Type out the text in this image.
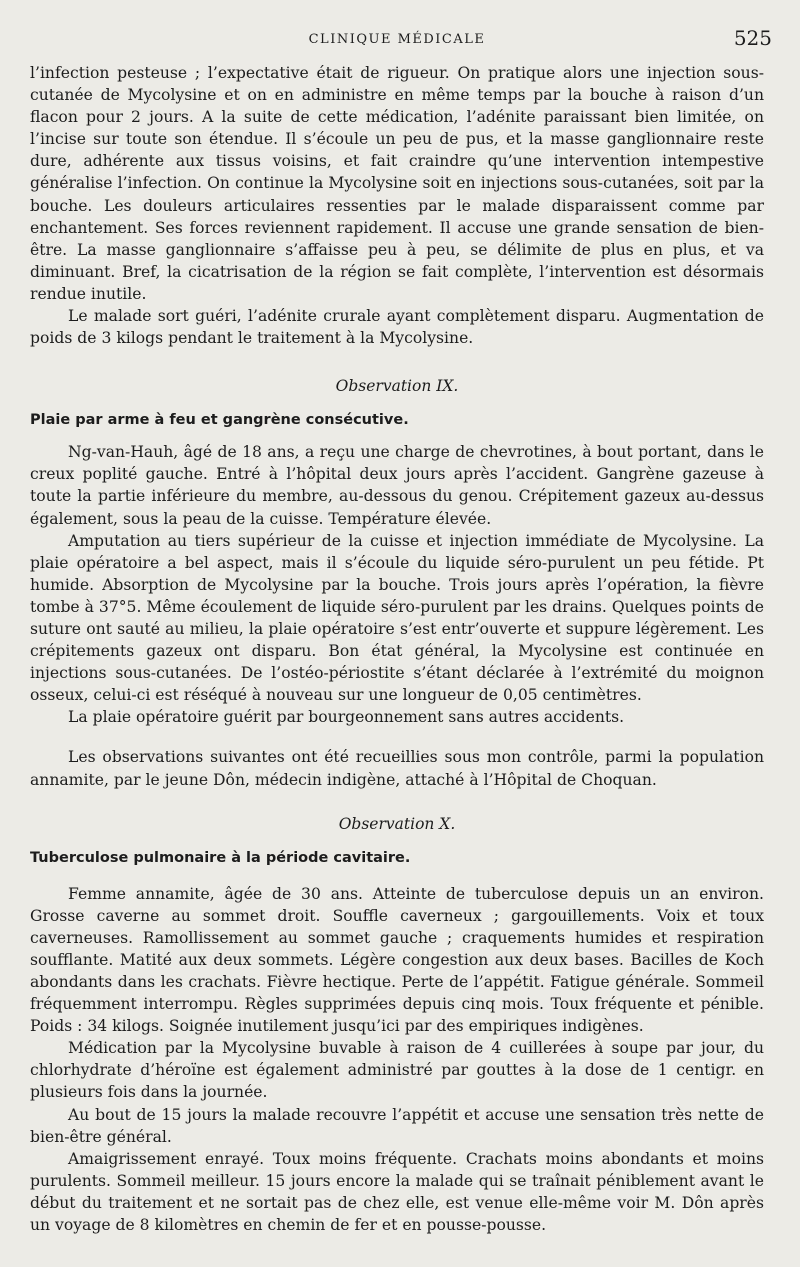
CLINIQUE MÉDICALE	525

l’infection pesteuse ; l’expectative était de rigueur. On pratique alors une injection sous-cutanée de Mycolysine et on en administre en même temps par la bouche à raison d’un flacon pour 2 jours. A la suite de cette médication, l’adénite paraissant bien limitée, on l’incise sur toute son étendue. Il s’écoule un peu de pus, et la masse ganglionnaire reste dure, adhérente aux tissus voisins, et fait craindre qu’une intervention intempestive généralise l’infection. On continue la Mycolysine soit en injections sous-cutanées, soit par la bouche. Les douleurs articulaires ressenties par le malade disparaissent comme par enchantement. Ses forces reviennent rapidement. Il accuse une grande sensation de bien-être. La masse ganglionnaire s’affaisse peu à peu, se délimite de plus en plus, et va diminuant. Bref, la cicatrisation de la région se fait complète, l’intervention est désormais rendue inutile.

Le malade sort guéri, l’adénite crurale ayant complètement disparu. Augmentation de poids de 3 kilogs pendant le traitement à la Mycolysine.

Observation IX.
Plaie par arme à feu et gangrène consécutive.

Ng-van-Hauh, âgé de 18 ans, a reçu une charge de chevrotines, à bout portant, dans le creux poplité gauche. Entré à l’hôpital deux jours après l’accident. Gangrène gazeuse à toute la partie inférieure du membre, au-dessous du genou. Crépitement gazeux au-dessus également, sous la peau de la cuisse. Température élevée.

Amputation au tiers supérieur de la cuisse et injection immédiate de Mycolysine. La plaie opératoire a bel aspect, mais il s’écoule du liquide séro-purulent un peu fétide. Pt humide. Absorption de Mycolysine par la bouche. Trois jours après l’opération, la fièvre tombe à 37°5. Même écoulement de liquide séro-purulent par les drains. Quelques points de suture ont sauté au milieu, la plaie opératoire s’est entr’ouverte et suppure légèrement. Les crépitements gazeux ont disparu. Bon état général, la Mycolysine est continuée en injections sous-cutanées. De l’ostéo-périostite s’étant déclarée à l’extrémité du moignon osseux, celui-ci est réséqué à nouveau sur une longueur de 0,05 centimètres.

La plaie opératoire guérit par bourgeonnement sans autres accidents.

Les observations suivantes ont été recueillies sous mon contrôle, parmi la population annamite, par le jeune Dôn, médecin indigène, attaché à l’Hôpital de Choquan.

Observation X.
Tuberculose pulmonaire à la période cavitaire.

Femme annamite, âgée de 30 ans. Atteinte de tuberculose depuis un an environ. Grosse caverne au sommet droit. Souffle caverneux ; gargouillements. Voix et toux caverneuses. Ramollissement au sommet gauche ; craquements humides et respiration soufflante. Matité aux deux sommets. Légère congestion aux deux bases. Bacilles de Koch abondants dans les crachats. Fièvre hectique. Perte de l’appétit. Fatigue générale. Sommeil fréquemment interrompu. Règles supprimées depuis cinq mois. Toux fréquente et pénible. Poids : 34 kilogs. Soignée inutilement jusqu’ici par des empiriques indigènes.

Médication par la Mycolysine buvable à raison de 4 cuillerées à soupe par jour, du chlorhydrate d’héroïne est également administré par gouttes à la dose de 1 centigr. en plusieurs fois dans la journée.

Au bout de 15 jours la malade recouvre l’appétit et accuse une sensation très nette de bien-être général.

Amaigrissement enrayé. Toux moins fréquente. Crachats moins abondants et moins purulents. Sommeil meilleur. 15 jours encore la malade qui se traînait péniblement avant le début du traitement et ne sortait pas de chez elle, est venue elle-même voir M. Dôn après un voyage de 8 kilomètres en chemin de fer et en pousse-pousse.
